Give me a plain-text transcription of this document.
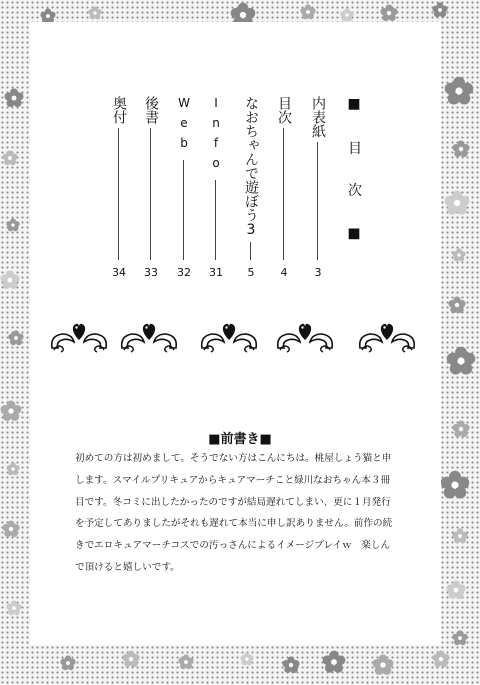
■ 目 次 ■
内表紙
3
目次
4
なおちゃんで遊ぼう3
5
Info
31
Web
32
後書
33
奥付
34
■前書き■
初めての方は初めまして。そうでない方はこんにちは。桃屋しょう猫と申
します。スマイルプリキュアからキュアマーチこと緑川なおちゃん本３冊
目です。冬コミに出したかったのですが結局遅れてしまい、更に１月発行
を予定してありましたがそれも遅れて本当に申し訳ありません。前作の続
きでエロキュアマーチコスでの汚っさんによるイメージプレイｗ　楽しん
で頂けると嬉しいです。
